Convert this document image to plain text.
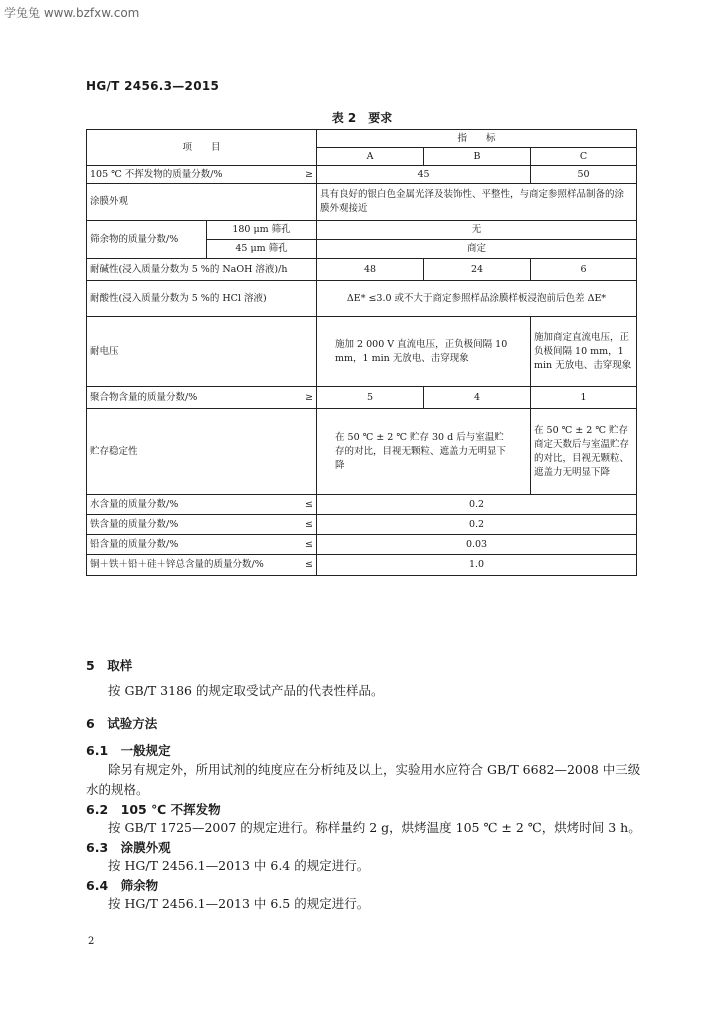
学兔兔 www.bzfxw.com
HG/T 2456.3—2015
表 2　要求
项　　目		指　　标		
		A	B	C
105 ℃ 不挥发物的质量分数/% ≥		45		50
涂膜外观		具有良好的银白色金属光泽及装饰性、平整性，与商定参照样品制备的涂膜外观接近		
筛余物的质量分数/%	180 μm 筛孔	无		
	45 μm 筛孔	商定		
耐碱性(浸入质量分数为 5 %的 NaOH 溶液)/h		48	24	6
耐酸性(浸入质量分数为 5 %的 HCl 溶液)		ΔE* ≤3.0 或不大于商定参照样品涂膜样板浸泡前后色差 ΔE*		
耐电压		施加 2 000 V 直流电压，正负极间隔 10 mm，1 min 无放电、击穿现象		施加商定直流电压，正负极间隔 10 mm，1 min 无放电、击穿现象
聚合物含量的质量分数/% ≥		5	4	1
贮存稳定性		在 50 ℃ ± 2 ℃ 贮存 30 d 后与室温贮存的对比，目视无颗粒、遮盖力无明显下降		在 50 ℃ ± 2 ℃ 贮存商定天数后与室温贮存的对比，目视无颗粒、遮盖力无明显下降
水含量的质量分数/% ≤		0.2		
铁含量的质量分数/% ≤		0.2		
铅含量的质量分数/% ≤		0.03		
铜＋铁＋铅＋硅＋锌总含量的质量分数/% ≤		1.0		
5　取样
按 GB/T 3186 的规定取受试产品的代表性样品。
6　试验方法
6.1　一般规定
除另有规定外，所用试剂的纯度应在分析纯及以上，实验用水应符合 GB/T 6682—2008 中三级
水的规格。
6.2　105 ℃ 不挥发物
按 GB/T 1725—2007 的规定进行。称样量约 2 g，烘烤温度 105 ℃ ± 2 ℃，烘烤时间 3 h。
6.3　涂膜外观
按 HG/T 2456.1—2013 中 6.4 的规定进行。
6.4　筛余物
按 HG/T 2456.1—2013 中 6.5 的规定进行。
2
